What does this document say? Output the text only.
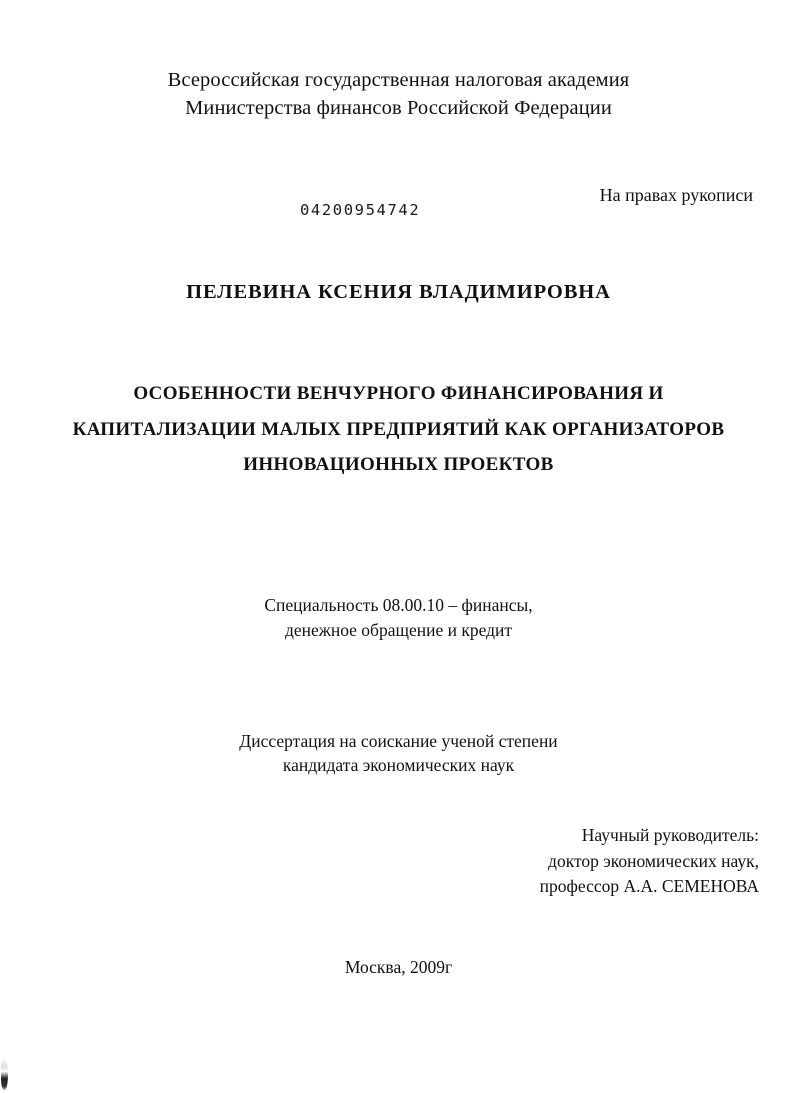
Всероссийская государственная налоговая академия
Министерства финансов Российской Федерации
На правах рукописи
04200954742
ПЕЛЕВИНА КСЕНИЯ ВЛАДИМИРОВНА
ОСОБЕННОСТИ ВЕНЧУРНОГО ФИНАНСИРОВАНИЯ И
КАПИТАЛИЗАЦИИ МАЛЫХ ПРЕДПРИЯТИЙ КАК ОРГАНИЗАТОРОВ
ИННОВАЦИОННЫХ ПРОЕКТОВ
Специальность 08.00.10 – финансы,
денежное обращение и кредит
Диссертация на соискание ученой степени
кандидата экономических наук
Научный руководитель:
доктор экономических наук,
профессор А.А. СЕМЕНОВА
Москва, 2009г
